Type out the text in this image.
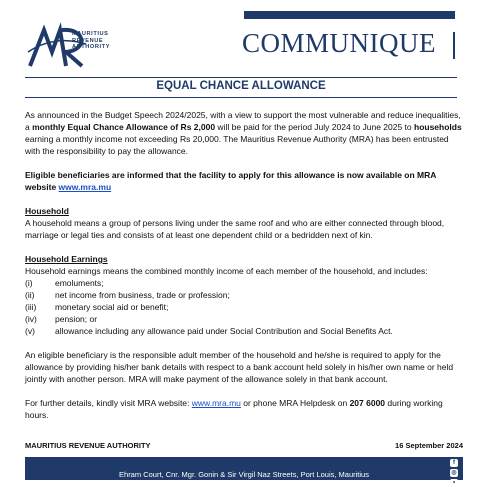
MAURITIUS
REVENUE
AUTHORITY	COMMUNIQUE
EQUAL CHANCE ALLOWANCE

As announced in the Budget Speech 2024/2025, with a view to support the most vulnerable and reduce inequalities, a monthly Equal Chance Allowance of Rs 2,000 will be paid for the period July 2024 to June 2025 to households earning a monthly income not exceeding Rs 20,000. The Mauritius Revenue Authority (MRA) has been entrusted with the responsibility to pay the allowance.

Eligible beneficiaries are informed that the facility to apply for this allowance is now available on MRA website www.mra.mu

Household

A household means a group of persons living under the same roof and who are either connected through blood, marriage or legal ties and consists of at least one dependent child or a bedridden next of kin.

Household Earnings

Household earnings means the combined monthly income of each member of the household, and includes:

(i)	emoluments;
(ii)	net income from business, trade or profession;
(iii)	monetary social aid or benefit;
(iv)	pension; or
(v)	allowance including any allowance paid under Social Contribution and Social Benefits Act.

An eligible beneficiary is the responsible adult member of the household and he/she is required to apply for the allowance by providing his/her bank details with respect to a bank account held solely in his/her own name or held jointly with another person. MRA will make payment of the allowance solely in that bank account.

For further details, kindly visit MRA website: www.mra.mu or phone MRA Helpdesk on 207 6000 during working hours.

MAURITIUS REVENUE AUTHORITY	16 September 2024
Ehram Court, Cnr. Mgr. Gonin & Sir Virgil Naz Streets, Port Louis, Mauritius
f
◎
•
